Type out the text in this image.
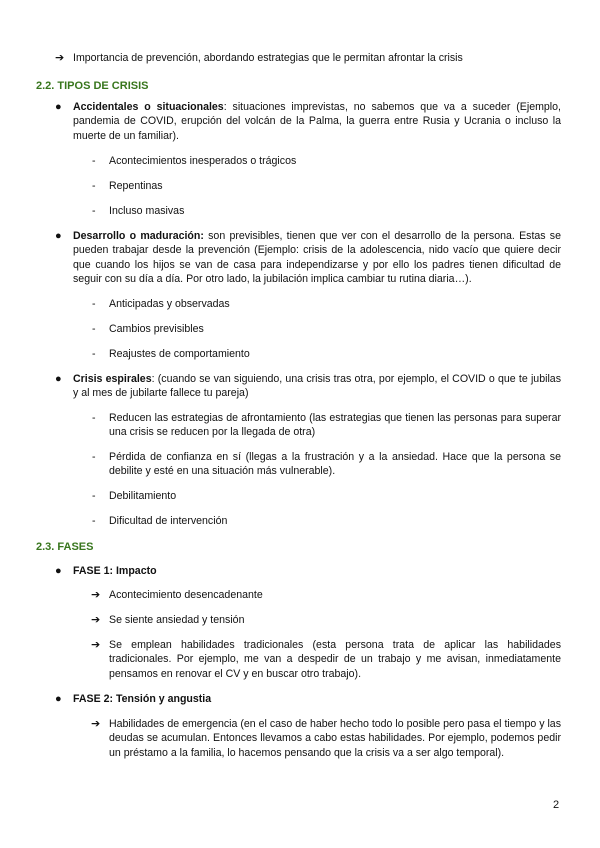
➔ Importancia de prevención, abordando estrategias que le permitan afrontar la crisis
2.2. TIPOS DE CRISIS
● Accidentales o situacionales: situaciones imprevistas, no sabemos que va a suceder (Ejemplo, pandemia de COVID, erupción del volcán de la Palma, la guerra entre Rusia y Ucrania o incluso la muerte de un familiar).
- Acontecimientos inesperados o trágicos
- Repentinas
- Incluso masivas
● Desarrollo o maduración: son previsibles, tienen que ver con el desarrollo de la persona. Estas se pueden trabajar desde la prevención (Ejemplo: crisis de la adolescencia, nido vacío que quiere decir que cuando los hijos se van de casa para independizarse y por ello los padres tienen dificultad de seguir con su día a día. Por otro lado, la jubilación implica cambiar tu rutina diaria…).
- Anticipadas y observadas
- Cambios previsibles
- Reajustes de comportamiento
● Crisis espirales: (cuando se van siguiendo, una crisis tras otra, por ejemplo, el COVID o que te jubilas y al mes de jubilarte fallece tu pareja)
- Reducen las estrategias de afrontamiento (las estrategias que tienen las personas para superar una crisis se reducen por la llegada de otra)
- Pérdida de confianza en sí (llegas a la frustración y a la ansiedad. Hace que la persona se debilite y esté en una situación más vulnerable).
- Debilitamiento
- Dificultad de intervención
2.3. FASES
● FASE 1: Impacto
➔ Acontecimiento desencadenante
➔ Se siente ansiedad y tensión
➔ Se emplean habilidades tradicionales (esta persona trata de aplicar las habilidades tradicionales. Por ejemplo, me van a despedir de un trabajo y me avisan, inmediatamente pensamos en renovar el CV y en buscar otro trabajo).
● FASE 2: Tensión y angustia
➔ Habilidades de emergencia (en el caso de haber hecho todo lo posible pero pasa el tiempo y las deudas se acumulan. Entonces llevamos a cabo estas habilidades. Por ejemplo, podemos pedir un préstamo a la familia, lo hacemos pensando que la crisis va a ser algo temporal).
2
